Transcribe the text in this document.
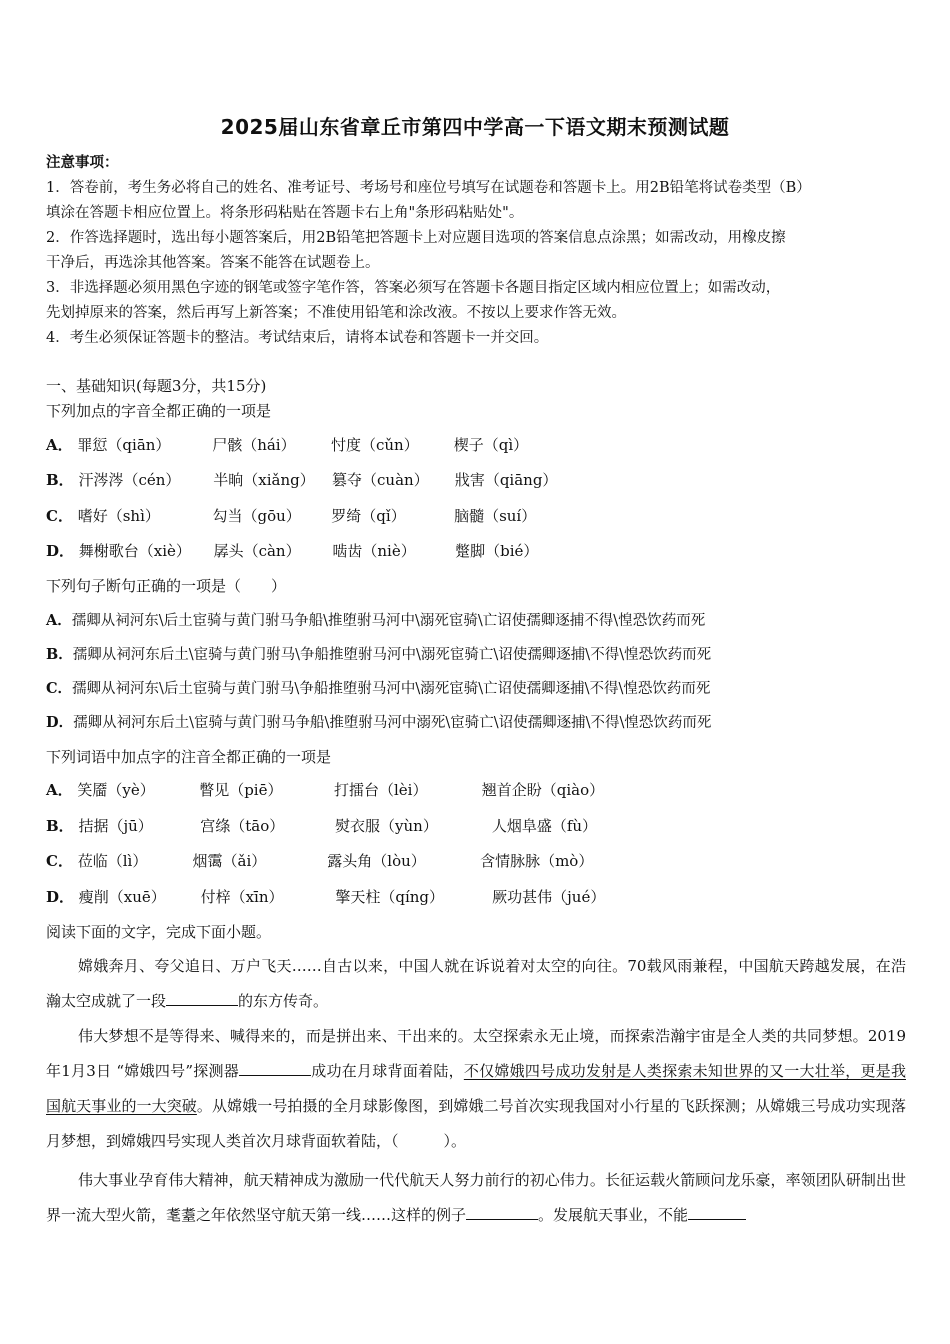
2025届山东省章丘市第四中学高一下语文期末预测试题
注意事项：
1．答卷前，考生务必将自己的姓名、准考证号、考场号和座位号填写在试题卷和答题卡上。用2B铅笔将试卷类型（B）
填涂在答题卡相应位置上。将条形码粘贴在答题卡右上角"条形码粘贴处"。
2．作答选择题时，选出每小题答案后，用2B铅笔把答题卡上对应题目选项的答案信息点涂黑；如需改动，用橡皮擦
干净后，再选涂其他答案。答案不能答在试题卷上。
3．非选择题必须用黑色字迹的钢笔或签字笔作答，答案必须写在答题卡各题目指定区域内相应位置上；如需改动，
先划掉原来的答案，然后再写上新答案；不准使用铅笔和涂改液。不按以上要求作答无效。
4．考生必须保证答题卡的整洁。考试结束后，请将本试卷和答题卡一并交回。
一、基础知识(每题3分，共15分)
下列加点的字音全都正确的一项是
A． 罪愆（qiān）	尸骸（hái） 忖度（cǔn） 楔子（qì）
B． 汗涔涔（cén） 半晌（xiǎng） 篡夺（cuàn） 戕害（qiāng）
C． 嗜好（shì）	勾当（gōu） 罗绮（qǐ）	脑髓（suí）
D． 舞榭歌台（xiè） 孱头（càn） 啮齿（niè）	蹩脚（bié）
下列句子断句正确的一项是（　　）
A．孺卿从祠河东\后土宦骑与黄门驸马争船\推堕驸马河中\溺死宦骑\亡诏使孺卿逐捕不得\惶恐饮药而死
B．孺卿从祠河东后土\宦骑与黄门驸马\争船推堕驸马河中\溺死宦骑亡\诏使孺卿逐捕\不得\惶恐饮药而死
C．孺卿从祠河东\后土宦骑与黄门驸马\争船推堕驸马河中\溺死宦骑\亡诏使孺卿逐捕\不得\惶恐饮药而死
D．孺卿从祠河东后土\宦骑与黄门驸马争船\推堕驸马河中溺死\宦骑亡\诏使孺卿逐捕\不得\惶恐饮药而死
下列词语中加点字的注音全都正确的一项是
A． 笑靥（yè）	瞥见（piē）	打擂台（lèi）	翘首企盼（qiào）
B． 拮据（jū）	宫绦（tāo）	熨衣服（yùn）	人烟阜盛（fù）
C． 莅临（lì）	烟霭（ǎi）	露头角（lòu）	含情脉脉（mò）
D． 瘦削（xuē） 付梓（xīn）	擎天柱（qíng）	厥功甚伟（jué）
阅读下面的文字，完成下面小题。
嫦娥奔月、夸父追日、万户飞天……自古以来，中国人就在诉说着对太空的向往。70载风雨兼程，中国航天跨越发展，在浩瀚太空成就了一段	的东方传奇。
伟大梦想不是等得来、喊得来的，而是拼出来、干出来的。太空探索永无止境，而探索浩瀚宇宙是全人类的共同梦想。2019年1月3日 “嫦娥四号”探测器	成功在月球背面着陆，不仅嫦娥四号成功发射是人类探索未知世界的又一大壮举，更是我国航天事业的一大突破。从嫦娥一号拍摄的全月球影像图，到嫦娥二号首次实现我国对小行星的飞跃探测；从嫦娥三号成功实现落月梦想，到嫦娥四号实现人类首次月球背面软着陆，（　　　）。
伟大事业孕育伟大精神，航天精神成为激励一代代航天人努力前行的初心伟力。长征运载火箭顾问龙乐豪，率领团队研制出世界一流大型火箭，耄耋之年依然坚守航天第一线……这样的例子	。发展航天事业，不能
